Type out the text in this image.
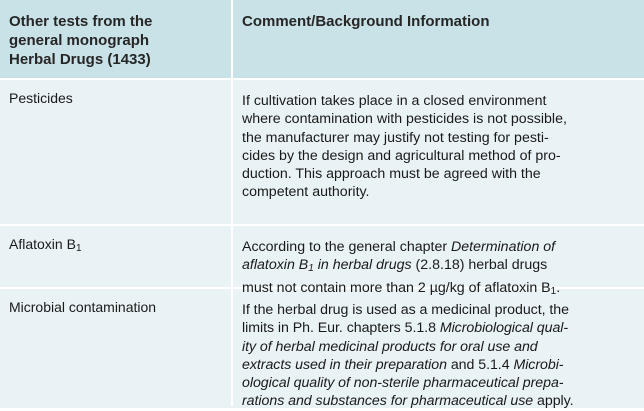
Other tests from the
general monograph
Herbal Drugs (1433)
Comment/Background Information
Pesticides	If cultivation takes place in a closed environment
where contamination with pesticides is not possible,
the manufacturer may justify not testing for pesti-
cides by the design and agricultural method of pro-
duction. This approach must be agreed with the
competent authority.

Aflatoxin $B_1$	According to the general chapter Determination of
aflatoxin $B_1$ in herbal drugs (2.8.18) herbal drugs
must not contain more than 2 µg/kg of aflatoxin $B_1$.

Microbial contamination	If the herbal drug is used as a medicinal product, the
limits in Ph. Eur. chapters 5.1.8 Microbiological qual-
ity of herbal medicinal products for oral use and
extracts used in their preparation and 5.1.4 Microbi-
ological quality of non-sterile pharmaceutical prepa-
rations and substances for pharmaceutical use apply.
